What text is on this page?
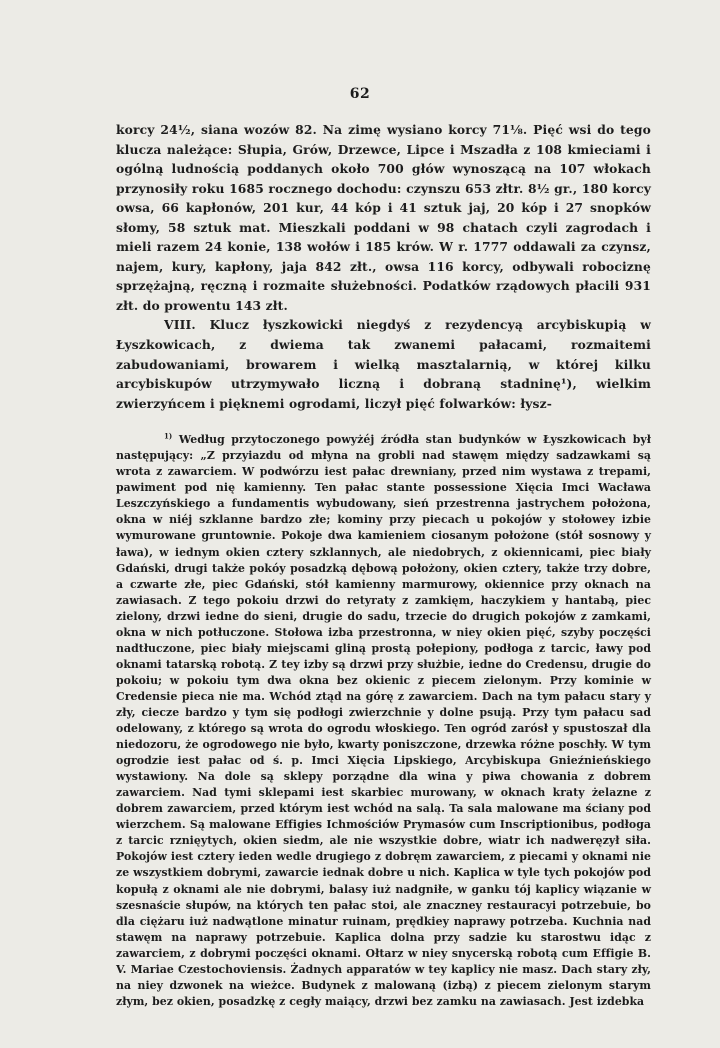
62

korcy 24½, siana wozów 82. Na zimę wysiano korcy 71⅛. Pięć wsi do tego klucza należące: Słupia, Grów, Drzewce, Lipce i Mszadła z 108 kmieciami i ogólną ludnością poddanych około 700 głów wynoszącą na 107 włokach przynosiły roku 1685 rocznego dochodu: czynszu 653 złtr. 8½ gr., 180 korcy owsa, 66 kapłonów, 201 kur, 44 kóp i 41 sztuk jaj, 20 kóp i 27 snopków słomy, 58 sztuk mat. Mieszkali poddani w 98 chatach czyli zagrodach i mieli razem 24 konie, 138 wołów i 185 krów. W r. 1777 oddawali za czynsz, najem, kury, kapłony, jaja 842 złt., owsa 116 korcy, odbywali robociznę sprzężajną, ręczną i rozmaite służebności. Podatków rządowych płacili 931 złt. do prowentu 143 złt.

VIII. Klucz łyszkowicki niegdyś z rezydencyą arcybiskupią w Łyszkowicach, z dwiema tak zwanemi pałacami, rozmaitemi zabudowaniami, browarem i wielką masztalarnią, w której kilku arcybiskupów utrzymywało liczną i dobraną stadninę¹), wielkim zwierzyńcem i pięknemi ogrodami, liczył pięć folwarków: łysz-

$^{1)}$ Według przytoczonego powyżéj źródła stan budynków w Łyszkowicach był następujący: „Z przyiazdu od młyna na grobli nad stawęm między sadzawkami są wrota z zawarciem. W podwórzu iest pałac drewniany, przed nim wystawa z trepami, pawiment pod nię kamienny. Ten pałac stante possessione Xięcia Imci Wacława Leszczyńskiego a fundamentis wybudowany, sień przestrenna jastrychem położona, okna w niéj szklanne bardzo złe; kominy przy piecach u pokojów y stołowey izbie wymurowane gruntownie. Pokoje dwa kamieniem ciosanym położone (stół sosnowy y ława), w iednym okien cztery szklannych, ale niedobrych, z okiennicami, piec biały Gdański, drugi także pokóy posadzką dębową położony, okien cztery, także trzy dobre, a czwarte złe, piec Gdański, stół kamienny marmurowy, okiennice przy oknach na zawiasach. Z tego pokoiu drzwi do retyraty z zamkięm, haczykiem y hantabą, piec zielony, drzwi iedne do sieni, drugie do sadu, trzecie do drugich pokojów z zamkami, okna w nich potłuczone. Stołowa izba przestronna, w niey okien pięć, szyby poczęści nadtłuczone, piec biały miejscami gliną prostą połepiony, podłoga z tarcic, ławy pod oknami tatarską robotą. Z tey izby są drzwi przy służbie, iedne do Credensu, drugie do pokoiu; w pokoiu tym dwa okna bez okienic z piecem zielonym. Przy kominie w Credensie pieca nie ma. Wchód ztąd na górę z zawarciem. Dach na tym pałacu stary y zły, ciecze bardzo y tym się podłogi zwierzchnie y dolne psują. Przy tym pałacu sad odelowany, z którego są wrota do ogrodu włoskiego. Ten ogród zarósł y spustoszał dla niedozoru, że ogrodowego nie było, kwarty poniszczone, drzewka różne poschły. W tym ogrodzie iest pałac od ś. p. Imci Xięcia Lipskiego, Arcybiskupa Gnieźnieńskiego wystawiony. Na dole są sklepy porządne dla wina y piwa chowania z dobrem zawarciem. Nad tymi sklepami iest skarbiec murowany, w oknach kraty żelazne z dobrem zawarciem, przed którym iest wchód na salą. Ta sala malowane ma ściany pod wierzchem. Są malowane Effigies Ichmościów Prymasów cum Inscriptionibus, podłoga z tarcic rznięytych, okien siedm, ale nie wszystkie dobre, wiatr ich nadweręzył siła. Pokojów iest cztery ieden wedle drugiego z dobręm zawarciem, z piecami y oknami nie ze wszystkiem dobrymi, zawarcie iednak dobre u nich. Kaplica w tyle tych pokojów pod kopułą z oknami ale nie dobrymi, balasy iuż nadgniłe, w ganku tój kaplicy wiązanie w szesnaście słupów, na których ten pałac stoi, ale znaczney restauracyi potrzebuie, bo dla ciężaru iuż nadwątlone minatur ruinam, prędkiey naprawy potrzeba. Kuchnia nad stawęm na naprawy potrzebuie. Kaplica dolna przy sadzie ku starostwu idąc z zawarciem, z dobrymi poczęści oknami. Ołtarz w niey snycerską robotą cum Effigie B. V. Mariae Czestochoviensis. Żadnych apparatów w tey kaplicy nie masz. Dach stary zły, na niey dzwonek na wieżce. Budynek z malowaną (izbą) z piecem zielonym starym złym, bez okien, posadzkę z cegły maiący, drzwi bez zamku na zawiasach. Jest izdebka
